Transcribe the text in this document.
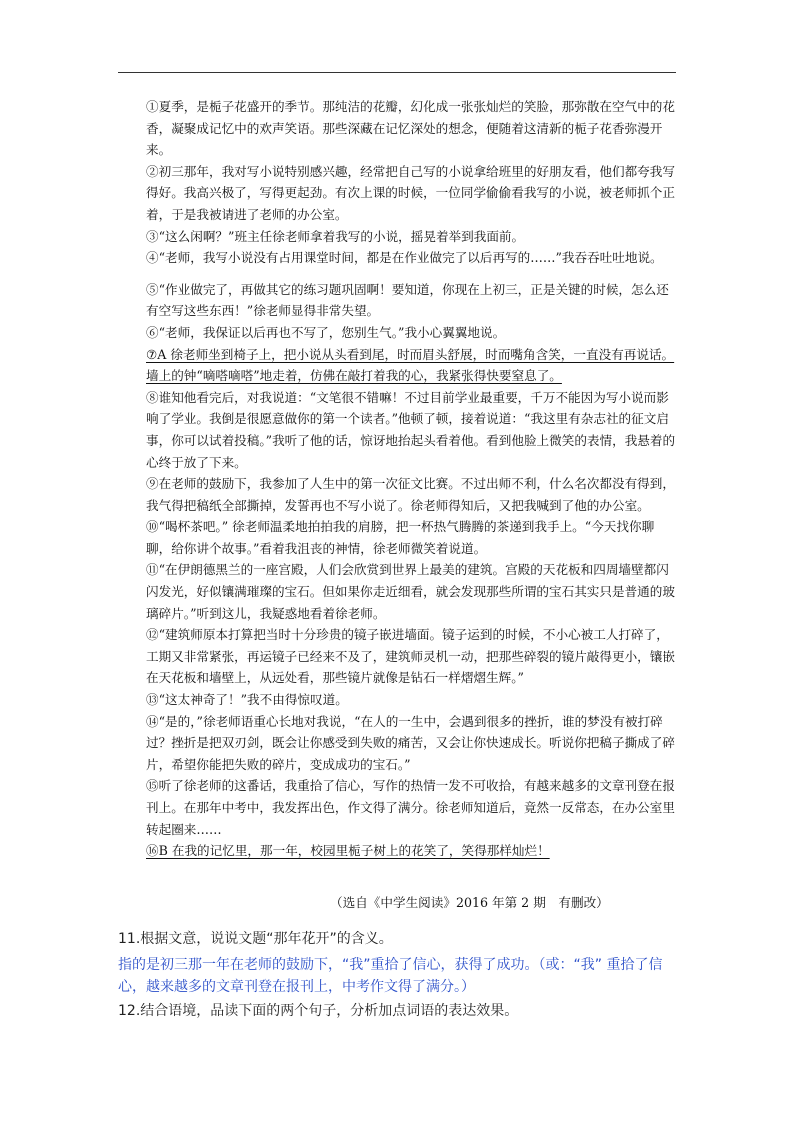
①夏季，是栀子花盛开的季节。那纯洁的花瓣，幻化成一张张灿烂的笑脸，那弥散在空气中的花香，凝聚成记忆中的欢声笑语。那些深藏在记忆深处的想念，便随着这清新的栀子花香弥漫开来。

②初三那年，我对写小说特别感兴趣，经常把自己写的小说拿给班里的好朋友看，他们都夸我写得好。我高兴极了，写得更起劲。有次上课的时候，一位同学偷偷看我写的小说，被老师抓个正着，于是我被请进了老师的办公室。

③“这么闲啊？”班主任徐老师拿着我写的小说，摇晃着举到我面前。

④“老师，我写小说没有占用课堂时间，都是在作业做完了以后再写的……”我吞吞吐吐地说。

⑤“作业做完了，再做其它的练习题巩固啊！要知道，你现在上初三，正是关键的时候，怎么还有空写这些东西！”徐老师显得非常失望。

⑥“老师，我保证以后再也不写了，您别生气。”我小心翼翼地说。

⑦A 徐老师坐到椅子上，把小说从头看到尾，时而眉头舒展，时而嘴角含笑，一直没有再说话。墙上的钟“嘀嗒嘀嗒”地走着，仿佛在敲打着我的心，我紧张得快要窒息了。

⑧谁知他看完后，对我说道：“文笔很不错嘛！不过目前学业最重要，千万不能因为写小说而影响了学业。我倒是很愿意做你的第一个读者。”他顿了顿，接着说道：“我这里有杂志社的征文启事，你可以试着投稿。”我听了他的话，惊讶地抬起头看着他。看到他脸上微笑的表情，我悬着的心终于放了下来。

⑨在老师的鼓励下，我参加了人生中的第一次征文比赛。不过出师不利，什么名次都没有得到，我气得把稿纸全部撕掉，发誓再也不写小说了。徐老师得知后，又把我喊到了他的办公室。

⑩“喝杯茶吧。” 徐老师温柔地拍拍我的肩膀，把一杯热气腾腾的茶递到我手上。“今天找你聊聊，给你讲个故事。”看着我沮丧的神情，徐老师微笑着说道。

⑪“在伊朗德黑兰的一座宫殿，人们会欣赏到世界上最美的建筑。宫殿的天花板和四周墙壁都闪闪发光，好似镶满璀璨的宝石。但如果你走近细看，就会发现那些所谓的宝石其实只是普通的玻璃碎片。”听到这儿，我疑惑地看着徐老师。

⑫“建筑师原本打算把当时十分珍贵的镜子嵌进墙面。镜子运到的时候，不小心被工人打碎了，工期又非常紧张，再运镜子已经来不及了，建筑师灵机一动，把那些碎裂的镜片敲得更小，镶嵌在天花板和墙壁上，从远处看，那些镜片就像是钻石一样熠熠生辉。”

⑬“这太神奇了！”我不由得惊叹道。

⑭“是的，”徐老师语重心长地对我说，“在人的一生中，会遇到很多的挫折，谁的梦没有被打碎过？挫折是把双刃剑，既会让你感受到失败的痛苦，又会让你快速成长。听说你把稿子撕成了碎片，希望你能把失败的碎片，变成成功的宝石。”

⑮听了徐老师的这番话，我重拾了信心，写作的热情一发不可收拾，有越来越多的文章刊登在报刊上。在那年中考中，我发挥出色，作文得了满分。徐老师知道后，竟然一反常态，在办公室里转起圈来……

⑯B 在我的记忆里，那一年，校园里栀子树上的花笑了，笑得那样灿烂！

（选自《中学生阅读》2016 年第 2 期　有删改）
11.根据文意，说说文题“那年花开”的含义。
指的是初三那一年在老师的鼓励下，“我”重拾了信心，获得了成功。（或：“我” 重拾了信心，越来越多的文章刊登在报刊上，中考作文得了满分。）
12.结合语境，品读下面的两个句子，分析加点词语的表达效果。
